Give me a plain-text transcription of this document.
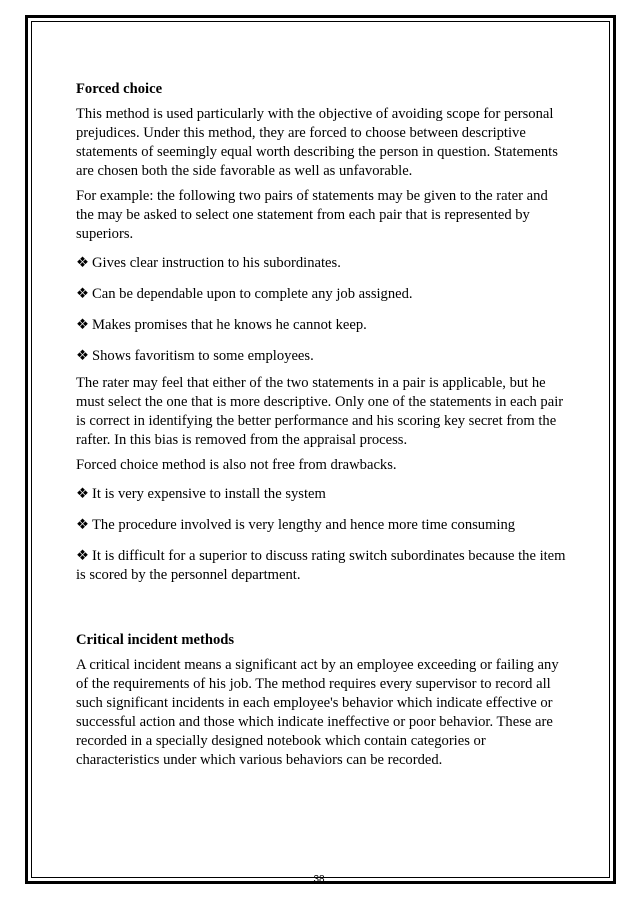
Forced choice

This method is used particularly with the objective of avoiding scope for personal prejudices. Under this method, they are forced to choose between descriptive statements of seemingly equal worth describing the person in question. Statements are chosen both the side favorable as well as unfavorable.

For example: the following two pairs of statements may be given to the rater and the may be asked to select one statement from each pair that is represented by superiors.

❖ Gives clear instruction to his subordinates.
❖ Can be dependable upon to complete any job assigned.
❖ Makes promises that he knows he cannot keep.
❖ Shows favoritism to some employees.

The rater may feel that either of the two statements in a pair is applicable, but he must select the one that is more descriptive. Only one of the statements in each pair is correct in identifying the better performance and his scoring key secret from the rafter. In this bias is removed from the appraisal process.

Forced choice method is also not free from drawbacks.

❖ It is very expensive to install the system
❖ The procedure involved is very lengthy and hence more time consuming
❖ It is difficult for a superior to discuss rating switch subordinates because the item is scored by the personnel department.
Critical incident methods

A critical incident means a significant act by an employee exceeding or failing any of the requirements of his job. The method requires every supervisor to record all such significant incidents in each employee's behavior which indicate effective or successful action and those which indicate ineffective or poor behavior. These are recorded in a specially designed notebook which contain categories or characteristics under which various behaviors can be recorded.

38
